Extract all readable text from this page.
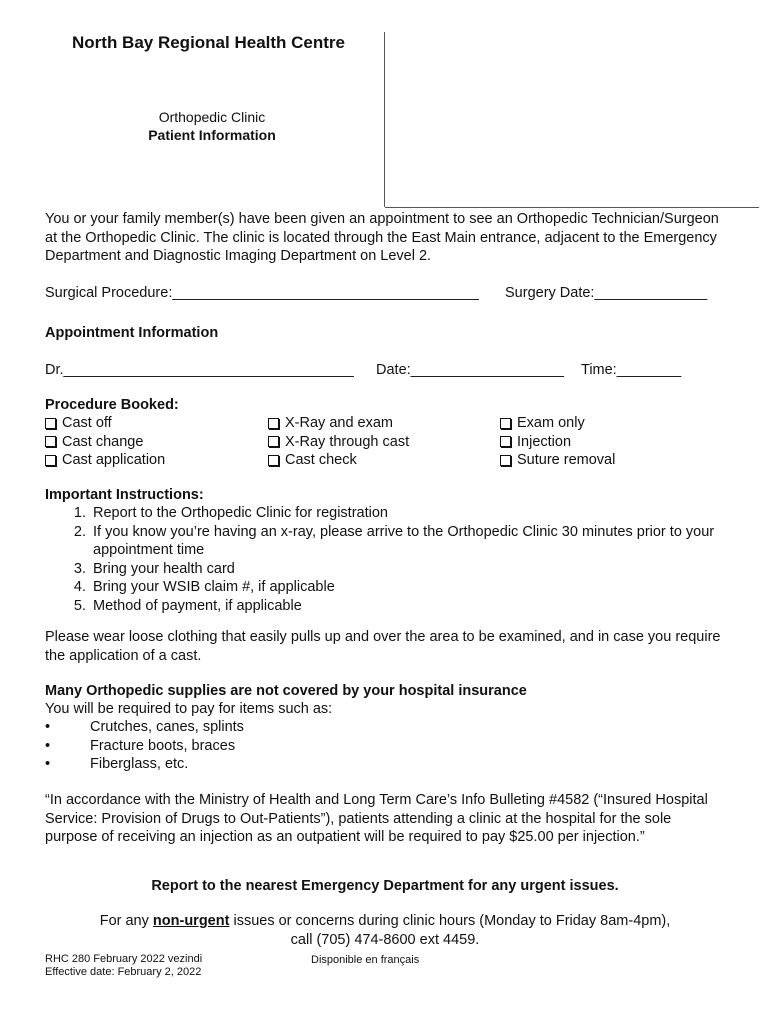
North Bay Regional Health Centre
Orthopedic Clinic
Patient Information
You or your family member(s) have been given an appointment to see an Orthopedic Technician/Surgeon at the Orthopedic Clinic. The clinic is located through the East Main entrance, adjacent to the Emergency Department and Diagnostic Imaging Department on Level 2.
Surgical Procedure:______________________________________ Surgery Date:______________
Appointment Information
Dr.____________________________________ Date:___________________ Time:________
Procedure Booked:
Cast off
Cast change
Cast application
X-Ray and exam
X-Ray through cast
Cast check
Exam only
Injection
Suture removal
Important Instructions:
1. Report to the Orthopedic Clinic for registration
2. If you know you’re having an x-ray, please arrive to the Orthopedic Clinic 30 minutes prior to your appointment time
3. Bring your health card
4. Bring your WSIB claim #, if applicable
5. Method of payment, if applicable
Please wear loose clothing that easily pulls up and over the area to be examined, and in case you require the application of a cast.
Many Orthopedic supplies are not covered by your hospital insurance
You will be required to pay for items such as:
• Crutches, canes, splints
• Fracture boots, braces
• Fiberglass, etc.
“In accordance with the Ministry of Health and Long Term Care’s Info Bulleting #4582 (“Insured Hospital Service: Provision of Drugs to Out-Patients”), patients attending a clinic at the hospital for the sole purpose of receiving an injection as an outpatient will be required to pay $25.00 per injection.”
Report to the nearest Emergency Department for any urgent issues.
For any non-urgent issues or concerns during clinic hours (Monday to Friday 8am-4pm),
call (705) 474-8600 ext 4459.
RHC 280 February 2022 vezindi
Effective date: February 2, 2022
Disponible en français
